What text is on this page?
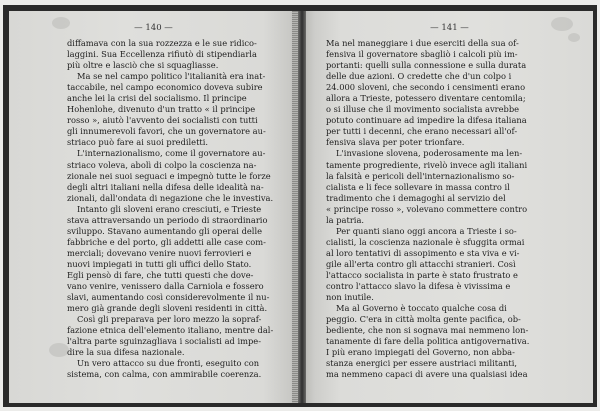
— 140 —
diffamava con la sua rozzezza e le sue ridico-
laggini. Sua Eccellenza rifiutò di stipendiarla
più oltre e lasciò che si squagliasse.
Ma se nel campo politico l'italianità era inat-
taccabile, nel campo economico doveva subire
anche lei la crisi del socialismo. Il principe
Hohenlohe, divenuto d'un tratto « il principe
rosso », aiutò l'avvento dei socialisti con tutti
gli innumerevoli favori, che un governatore au-
striaco può fare ai suoi prediletti.
L'internazionalismo, come il governatore au-
striaco voleva, abolì di colpo la coscienza na-
zionale nei suoi seguaci e impegnò tutte le forze
degli altri italiani nella difesa delle idealità na-
zionali, dall'ondata di negazione che le investiva.
Intanto gli sloveni erano cresciuti, e Trieste
stava attraversando un periodo di straordinario
sviluppo. Stavano aumentando gli operai delle
fabbriche e del porto, gli addetti alle case com-
merciali; dovevano venire nuovi ferrovieri e
nuovi impiegati in tutti gli uffici dello Stato.
Egli pensò di fare, che tutti questi che dove-
vano venire, venissero dalla Carniola e fossero
slavi, aumentando così considerevolmente il nu-
mero già grande degli sloveni residenti in città.
Così gli preparava per loro mezzo la sopraf-
fazione etnica dell'elemento italiano, mentre dal-
l'altra parte sguinzagliava i socialisti ad impe-
dire la sua difesa nazionale.
Un vero attacco su due fronti, eseguito con
sistema, con calma, con ammirabile coerenza.
— 141 —
Ma nel maneggiare i due eserciti della sua of-
fensiva il governatore sbagliò i calcoli più im-
portanti: quelli sulla connessione e sulla durata
delle due azioni. O credette che d'un colpo i
24.000 sloveni, che secondo i censimenti erano
allora a Trieste, potessero diventare centomila;
o si illuse che il movimento socialista avrebbe
potuto continuare ad impedire la difesa italiana
per tutti i decenni, che erano necessari all'of-
fensiva slava per poter trionfare.
L'invasione slovena, poderosamente ma len-
tamente progrediente, rivelò invece agli italiani
la falsità e pericoli dell'internazionalismo so-
cialista e li fece sollevare in massa contro il
tradimento che i demagoghi al servizio del
« principe rosso », volevano commettere contro
la patria.
Per quanti siano oggi ancora a Trieste i so-
cialisti, la coscienza nazionale è sfuggita ormai
al loro tentativi di assopimento e sta viva e vi-
gile all'erta contro gli attacchi stranieri. Così
l'attacco socialista in parte è stato frustrato e
contro l'attacco slavo la difesa è vivissima e
non inutile.
Ma al Governo è toccato qualche cosa di
peggio. C'era in città molta gente pacifica, ob-
bediente, che non si sognava mai nemmeno lon-
tanamente di fare della politica antigovernativa.
I più erano impiegati del Governo, non abba-
stanza energici per essere austriaci militanti,
ma nemmeno capaci di avere una qualsiasi idea
